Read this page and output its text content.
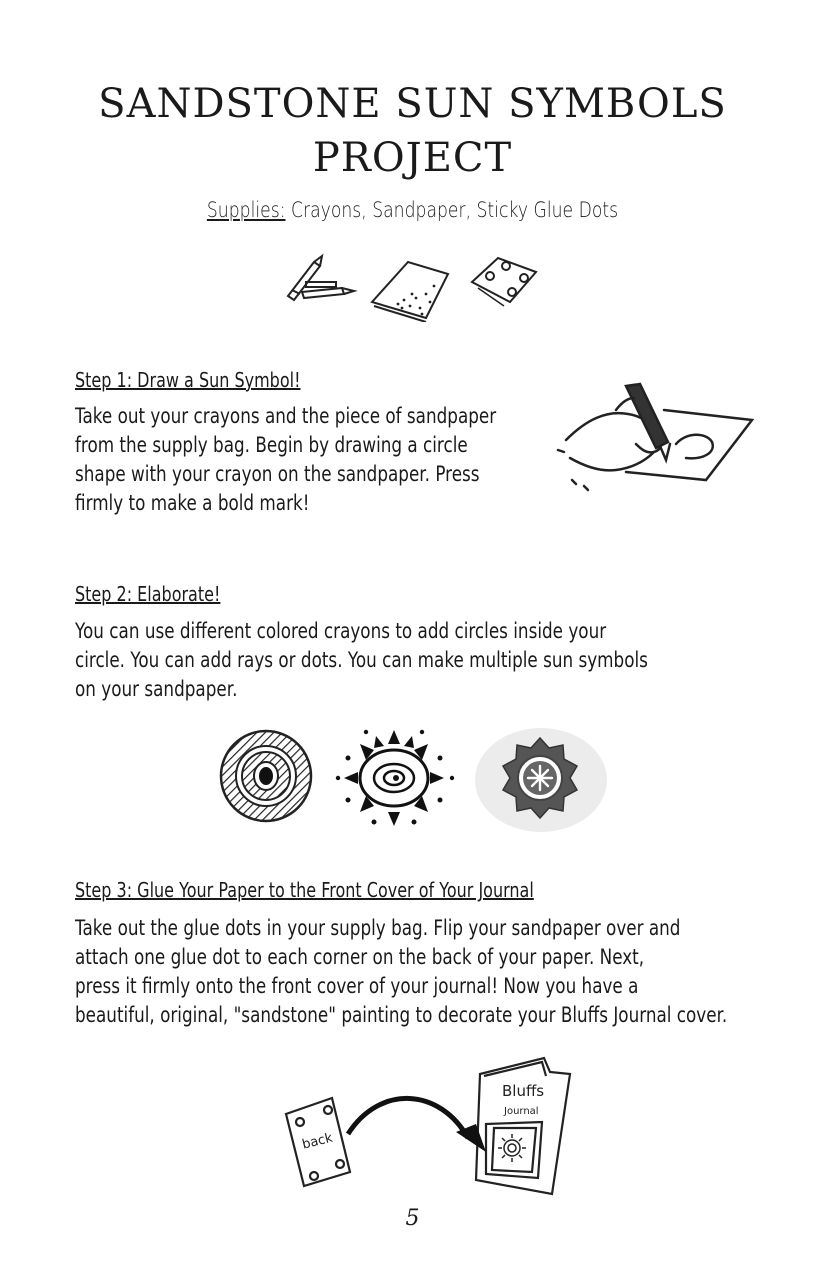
SANDSTONE SUN SYMBOLS
PROJECT
Supplies: Crayons, Sandpaper, Sticky Glue Dots
Step 1: Draw a Sun Symbol!

Take out your crayons and the piece of sandpaper
from the supply bag. Begin by drawing a circle
shape with your crayon on the sandpaper. Press
firmly to make a bold mark!

Step 2: Elaborate!

You can use different colored crayons to add circles inside your
circle. You can add rays or dots. You can make multiple sun symbols
on your sandpaper.

Step 3: Glue Your Paper to the Front Cover of Your Journal

Take out the glue dots in your supply bag. Flip your sandpaper over and
attach one glue dot to each corner on the back of your paper. Next,
press it firmly onto the front cover of your journal! Now you have a
beautiful, original, "sandstone" painting to decorate your Bluffs Journal cover.

back
Bluffs
Journal
5
